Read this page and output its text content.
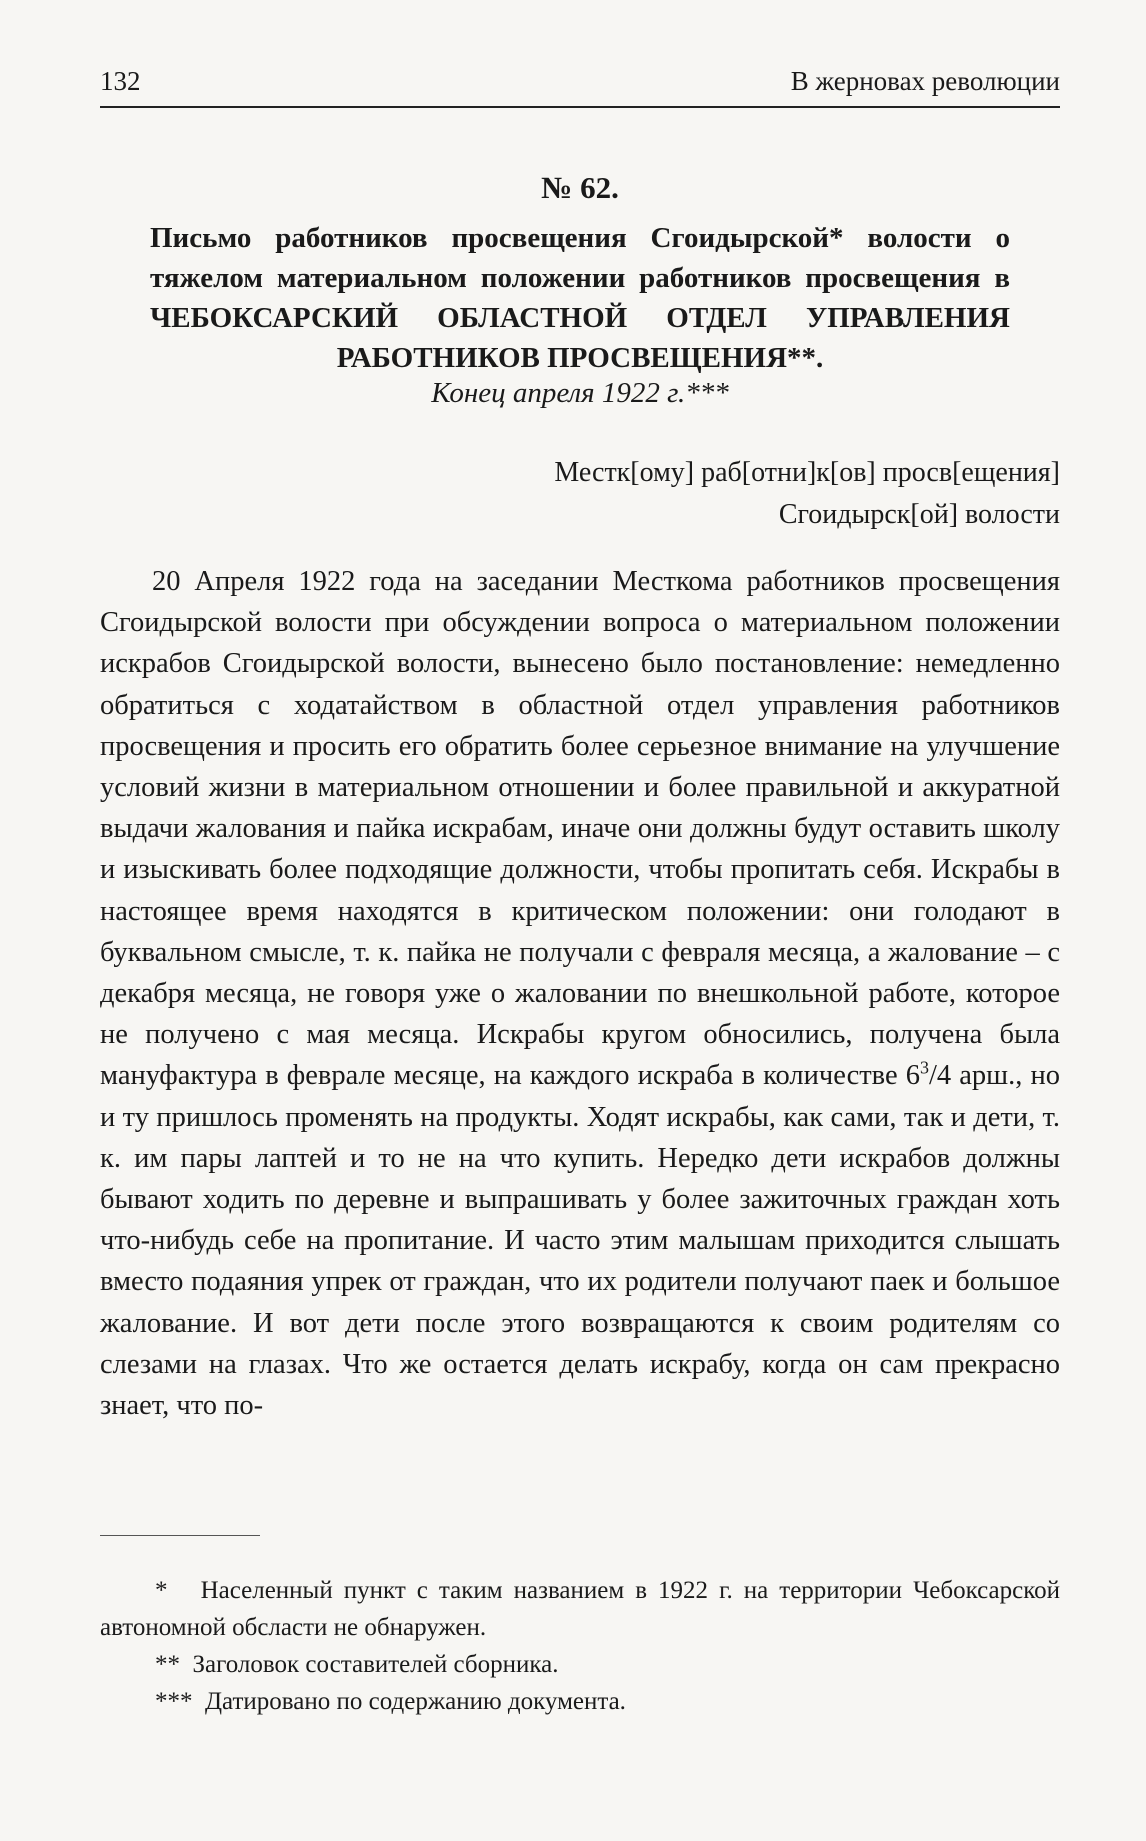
132	В жерновах революции
№ 62.

Письмо работников просвещения Сгоидырской* волости о тяжелом материальном положении работников просвещения в ЧЕБОКСАРСКИЙ ОБЛАСТНОЙ ОТДЕЛ УПРАВЛЕНИЯ РАБОТНИКОВ ПРОСВЕЩЕНИЯ**.

Конец апреля 1922 г.***
Местк[ому] раб[отни]к[ов] просв[ещения]
Сгоидырск[ой] волости

20 Апреля 1922 года на заседании Месткома работников просвещения Сгоидырской волости при обсуждении вопроса о материальном положении искрабов Сгоидырской волости, вынесено было постановление: немедленно обратиться с ходатайством в областной отдел управления работников просвещения и просить его обратить более серьезное внимание на улучшение условий жизни в материальном отношении и более правильной и аккуратной выдачи жалования и пайка искрабам, иначе они должны будут оставить школу и изыскивать более подходящие должности, чтобы пропитать себя. Искрабы в настоящее время находятся в критическом положении: они голодают в буквальном смысле, т. к. пайка не получали с февраля месяца, а жалование – с декабря месяца, не говоря уже о жаловании по внешкольной работе, которое не получено с мая месяца. Искрабы кругом обносились, получена была мануфактура в феврале месяце, на каждого искраба в количестве $6^3/4$ арш., но и ту пришлось променять на продукты. Ходят искрабы, как сами, так и дети, т. к. им пары лаптей и то не на что купить. Нередко дети искрабов должны бывают ходить по деревне и выпрашивать у более зажиточных граждан хоть что-нибудь себе на пропитание. И часто этим малышам приходится слышать вместо подаяния упрек от граждан, что их родители получают паек и большое жалование. И вот дети после этого возвращаются к своим родителям со слезами на глазах. Что же остается делать искрабу, когда он сам прекрасно знает, что по-

* Населенный пункт с таким названием в 1922 г. на территории Чебоксарской автономной обсласти не обнаружен.

** Заголовок составителей сборника.

*** Датировано по содержанию документа.
